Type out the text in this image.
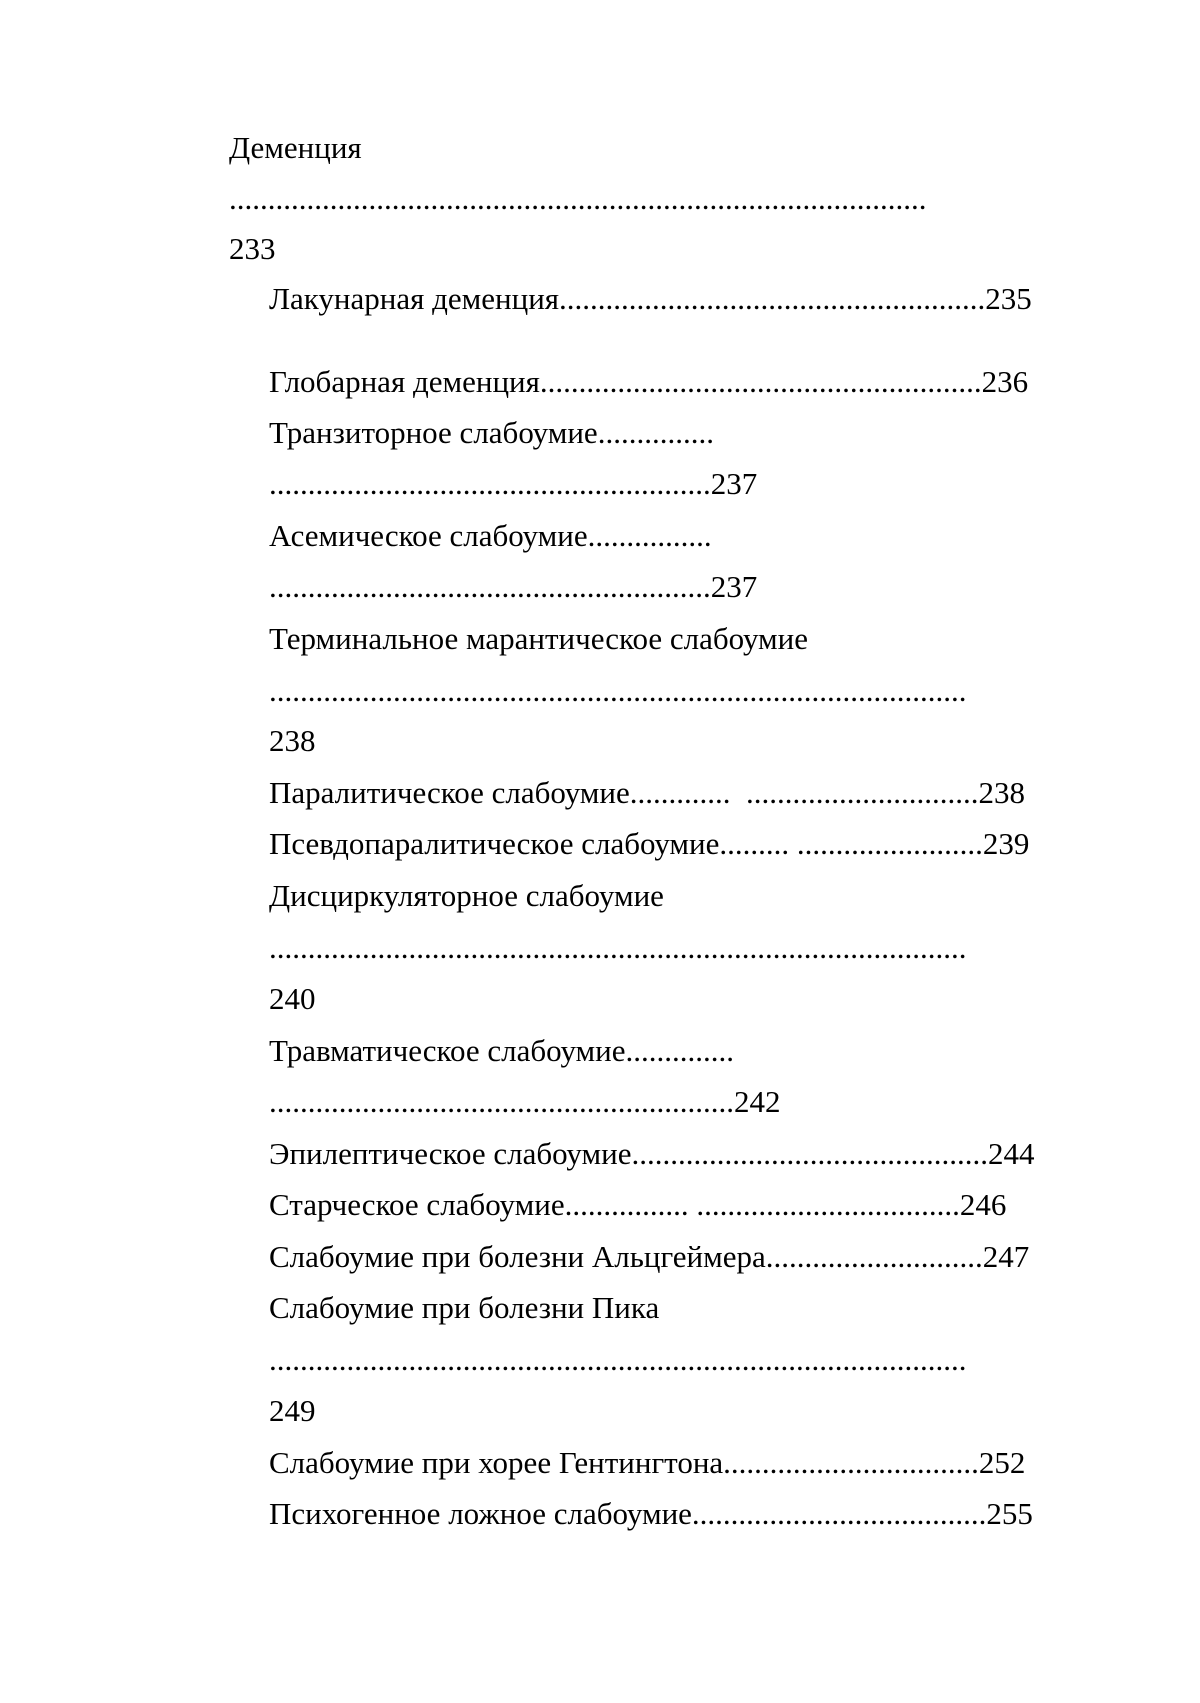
Деменция

..........................................................................................

233

Лакунарная деменция.......................................................235

Глобарная деменция.........................................................236

Транзиторное слабоумие...............

.........................................................237

Асемическое слабоумие................

.........................................................237

Терминальное марантическое слабоумие

..........................................................................................

238

Паралитическое слабоумие.............  ..............................238

Псевдопаралитическое слабоумие......... ........................239

Дисциркуляторное слабоумие

..........................................................................................

240

Травматическое слабоумие..............

............................................................242

Эпилептическое слабоумие..............................................244

Старческое слабоумие................ ..................................246

Слабоумие при болезни Альцгеймера............................247

Слабоумие при болезни Пика

..........................................................................................

249

Слабоумие при хорее Гентингтона.................................252

Психогенное ложное слабоумие......................................255
